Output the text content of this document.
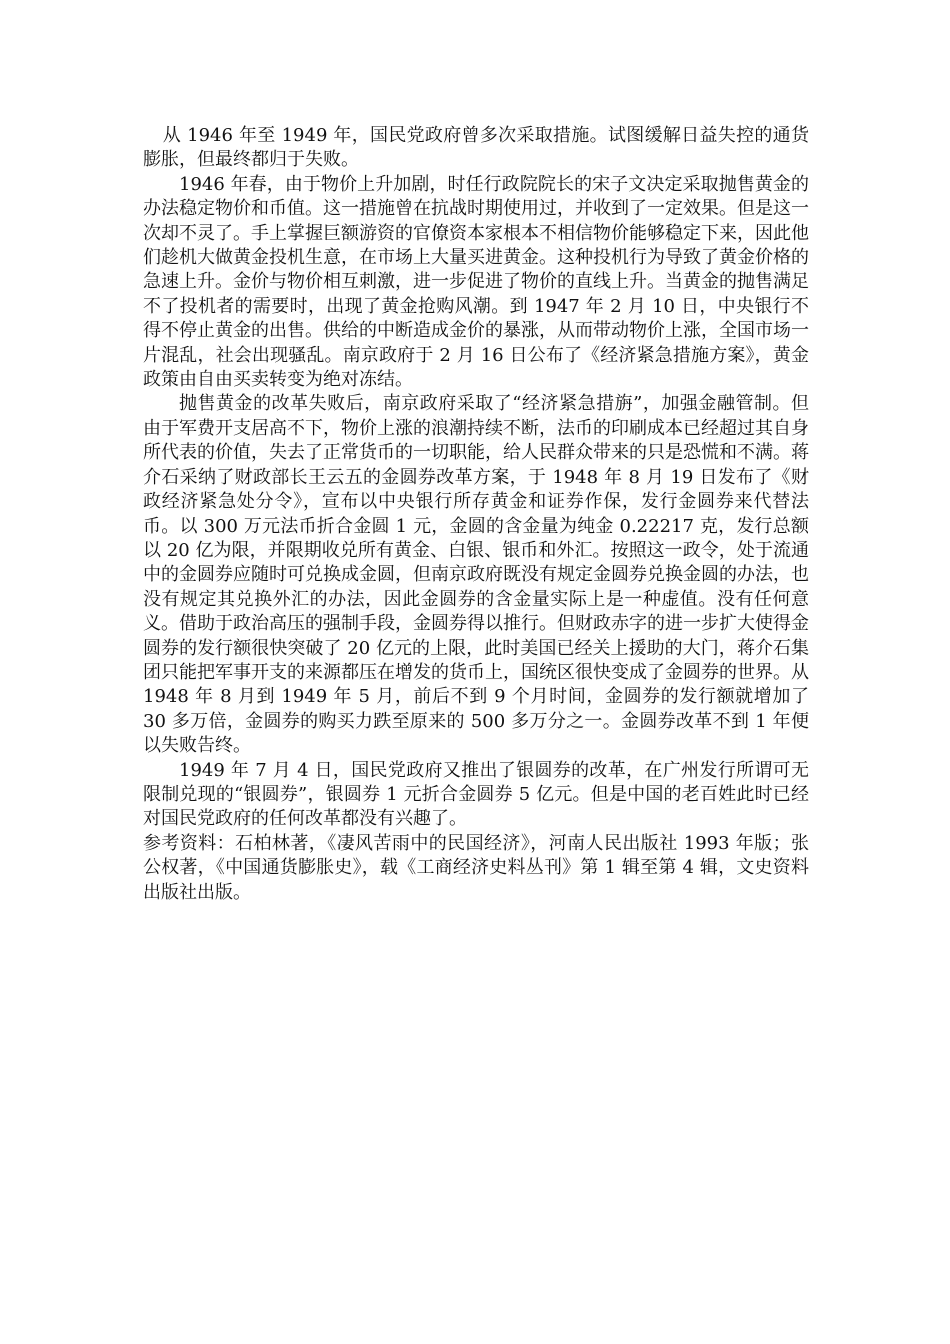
从 1946 年至 1949 年，国民党政府曾多次采取措施。试图缓解日益失控的通货膨胀，但最终都归于失败。

1946 年春，由于物价上升加剧，时任行政院院长的宋子文决定采取抛售黄金的办法稳定物价和币值。这一措施曾在抗战时期使用过，并收到了一定效果。但是这一次却不灵了。手上掌握巨额游资的官僚资本家根本不相信物价能够稳定下来，因此他们趁机大做黄金投机生意，在市场上大量买进黄金。这种投机行为导致了黄金价格的急速上升。金价与物价相互刺激，进一步促进了物价的直线上升。当黄金的抛售满足不了投机者的需要时，出现了黄金抢购风潮。到 1947 年 2 月 10 日，中央银行不得不停止黄金的出售。供给的中断造成金价的暴涨，从而带动物价上涨，全国市场一片混乱，社会出现骚乱。南京政府于 2 月 16 日公布了《经济紧急措施方案》，黄金政策由自由买卖转变为绝对冻结。

抛售黄金的改革失败后，南京政府采取了“经济紧急措旃”，加强金融管制。但由于军费开支居高不下，物价上涨的浪潮持续不断，法币的印刷成本已经超过其自身所代表的价值，失去了正常货币的一切职能，给人民群众带来的只是恐慌和不满。蒋介石采纳了财政部长王云五的金圆券改革方案，于 1948 年 8 月 19 日发布了《财政经济紧急处分令》，宣布以中央银行所存黄金和证券作保，发行金圆券来代替法币。以 300 万元法币折合金圆 1 元，金圆的含金量为纯金 0.22217 克，发行总额以 20 亿为限，并限期收兑所有黄金、白银、银币和外汇。按照这一政令，处于流通中的金圆券应随时可兑换成金圆，但南京政府既没有规定金圆券兑换金圆的办法，也没有规定其兑换外汇的办法，因此金圆券的含金量实际上是一种虚值。没有任何意义。借助于政治高压的强制手段，金圆券得以推行。但财政赤字的进一步扩大使得金圆券的发行额很快突破了 20 亿元的上限，此时美国已经关上援助的大门，蒋介石集团只能把军事开支的来源都压在增发的货币上，国统区很快变成了金圆券的世界。从 1948 年 8 月到 1949 年 5 月，前后不到 9 个月时间，金圆券的发行额就增加了 30 多万倍，金圆券的购买力跌至原来的 500 多万分之一。金圆券改革不到 1 年便以失败告终。

1949 年 7 月 4 日，国民党政府又推出了银圆券的改革，在广州发行所谓可无限制兑现的“银圆券”，银圆券 1 元折合金圆券 5 亿元。但是中国的老百姓此时已经对国民党政府的任何改革都没有兴趣了。

参考资料：石柏林著，《凄风苦雨中的民国经济》，河南人民出版社 1993 年版；张公权著，《中国通货膨胀史》，载《工商经济史料丛刊》第 1 辑至第 4 辑，文史资料出版社出版。
